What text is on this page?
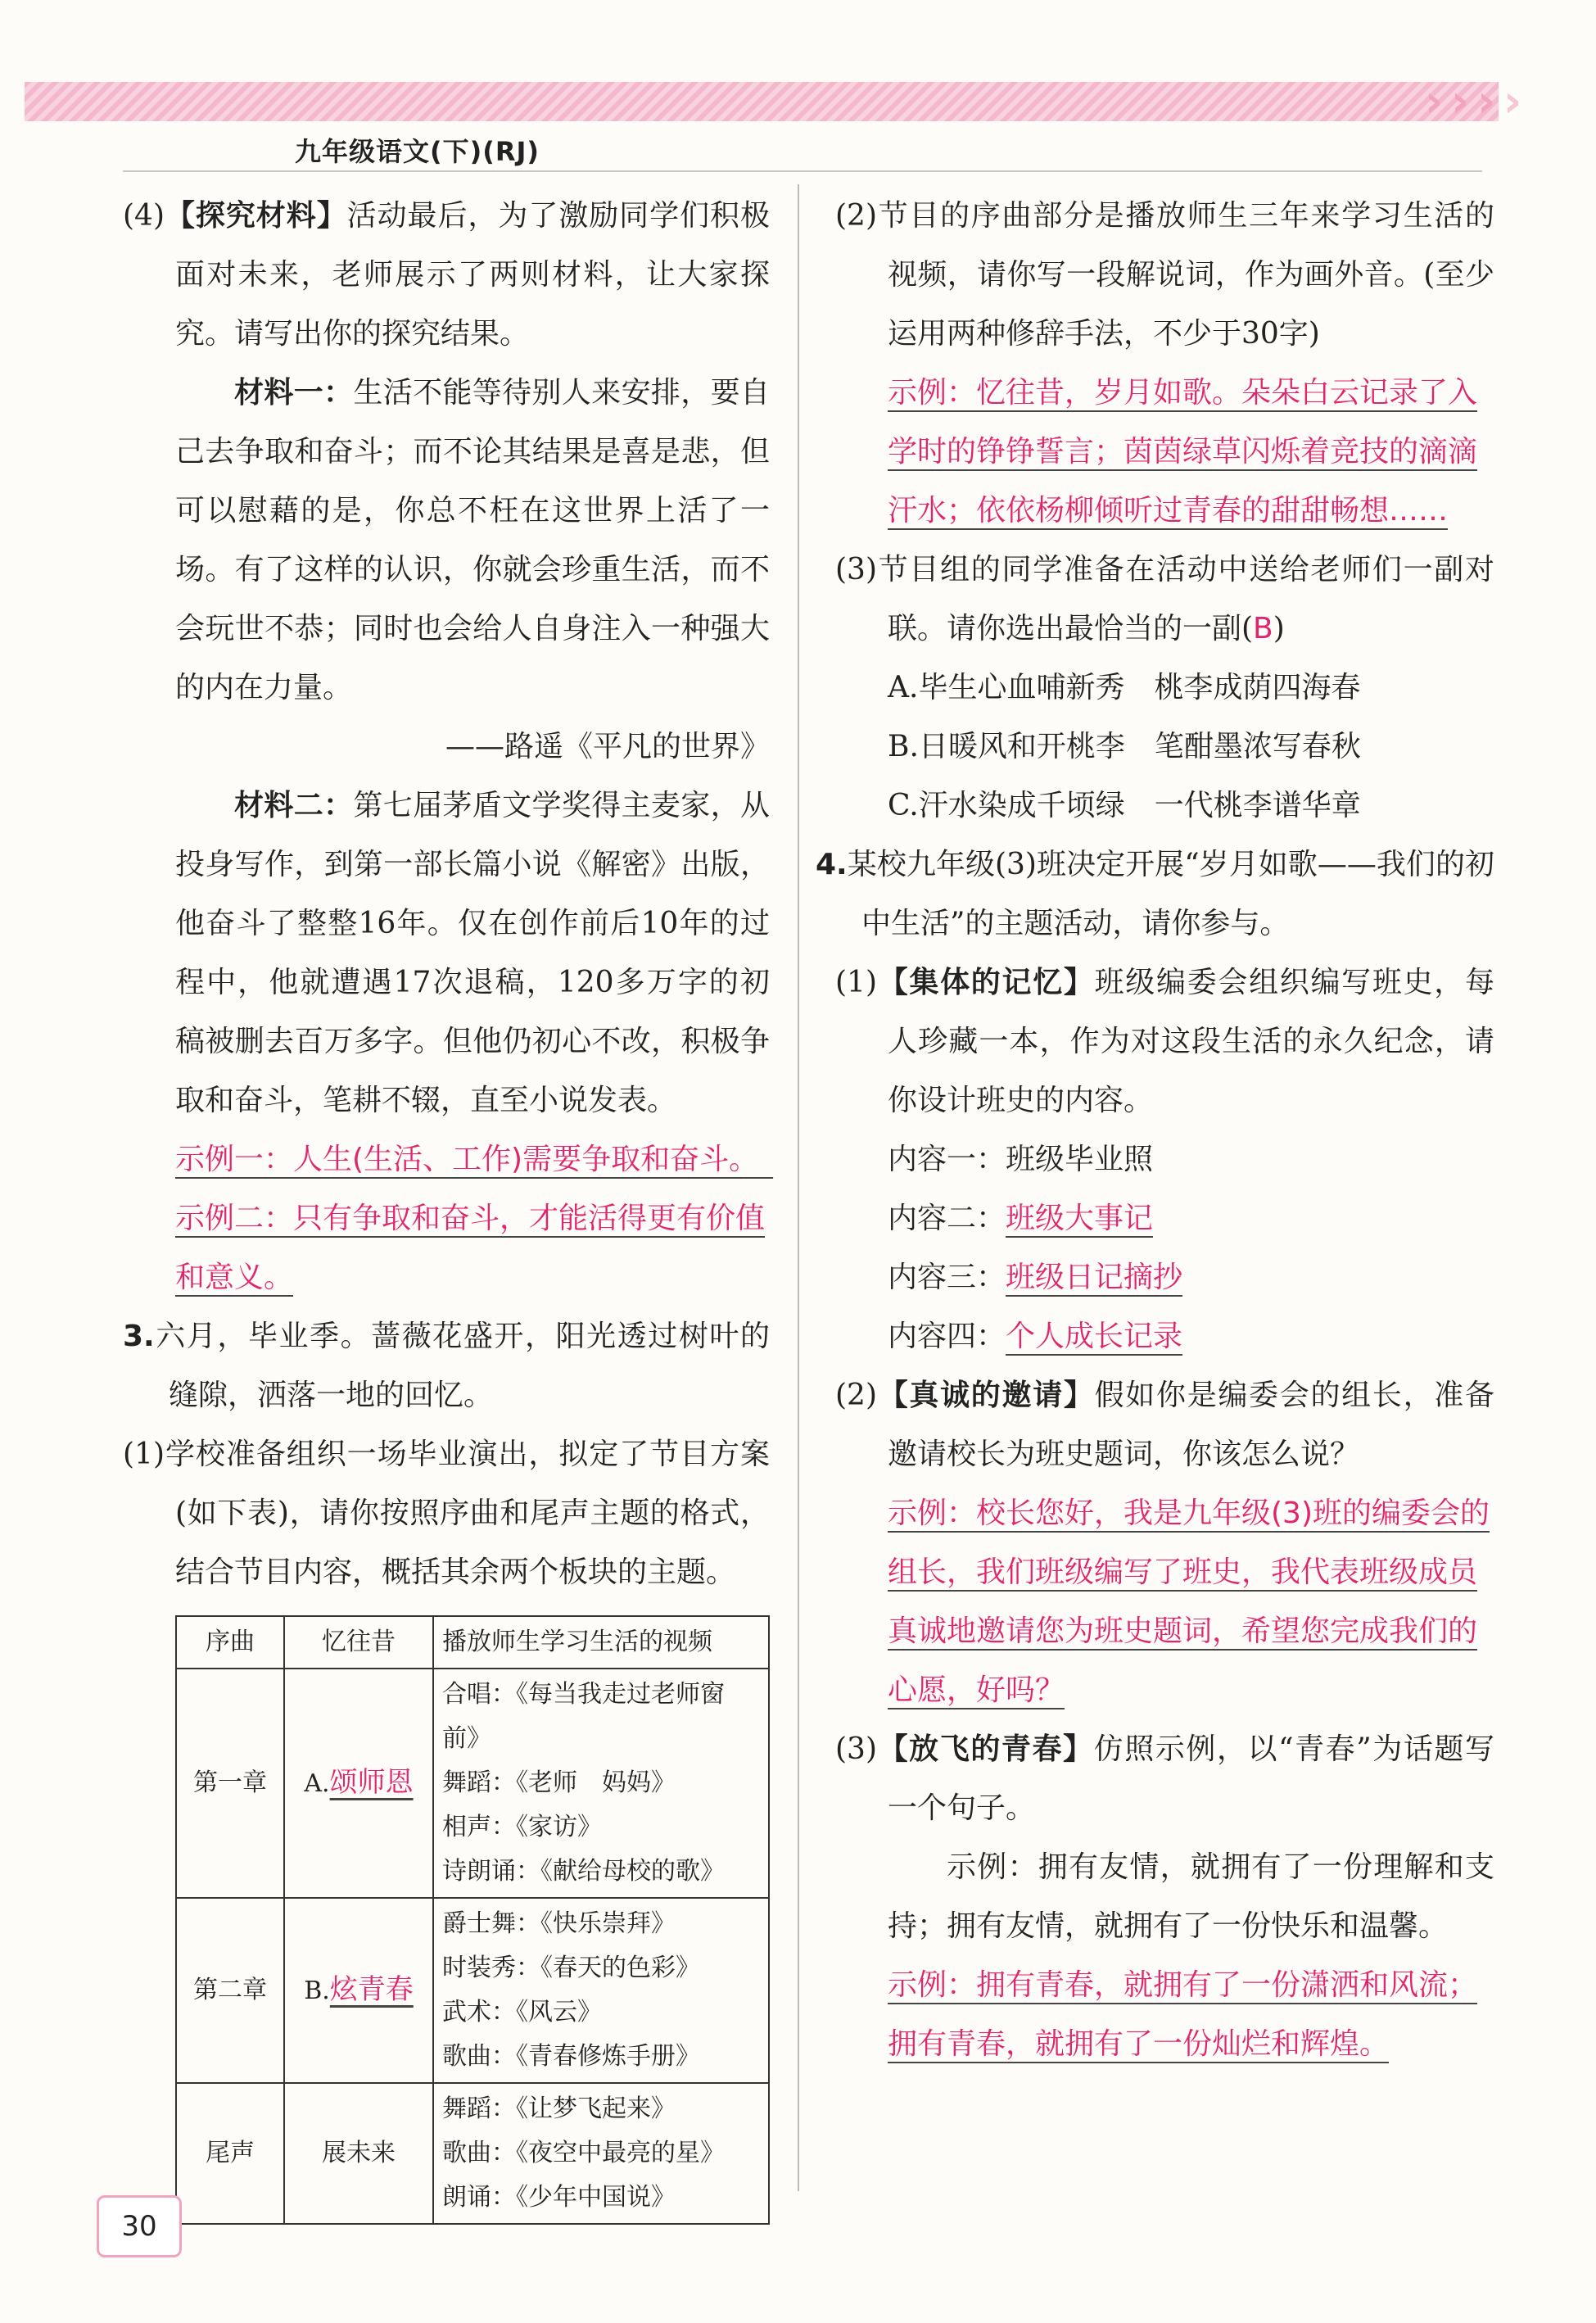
› › › ›
九年级语文(下)(RJ)

(4)【探究材料】活动最后，为了激励同学们积极面对未来，老师展示了两则材料，让大家探究。请写出你的探究结果。

材料一：生活不能等待别人来安排，要自己去争取和奋斗；而不论其结果是喜是悲，但可以慰藉的是，你总不枉在这世界上活了一场。有了这样的认识，你就会珍重生活，而不会玩世不恭；同时也会给人自身注入一种强大的内在力量。

——路遥《平凡的世界》

材料二：第七届茅盾文学奖得主麦家，从投身写作，到第一部长篇小说《解密》出版，他奋斗了整整16年。仅在创作前后10年的过程中，他就遭遇17次退稿，120多万字的初稿被删去百万多字。但他仍初心不改，积极争取和奋斗，笔耕不辍，直至小说发表。

示例一：人生(生活、工作)需要争取和奋斗。　示例二：只有争取和奋斗，才能活得更有价值和意义。

3.六月，毕业季。蔷薇花盛开，阳光透过树叶的缝隙，洒落一地的回忆。

(1)学校准备组织一场毕业演出，拟定了节目方案(如下表)，请你按照序曲和尾声主题的格式，结合节目内容，概括其余两个板块的主题。

序曲	忆往昔	播放师生学习生活的视频
第一章	A.颂师恩	合唱：《每当我走过老师窗前》
舞蹈：《老师　妈妈》
相声：《家访》
诗朗诵：《献给母校的歌》

第二章	B.炫青春	爵士舞：《快乐崇拜》
时装秀：《春天的色彩》
武术：《风云》
歌曲：《青春修炼手册》

尾声	展未来	舞蹈：《让梦飞起来》
歌曲：《夜空中最亮的星》
朗诵：《少年中国说》

(2)节目的序曲部分是播放师生三年来学习生活的视频，请你写一段解说词，作为画外音。(至少运用两种修辞手法，不少于30字)

示例：忆往昔，岁月如歌。朵朵白云记录了入学时的铮铮誓言；茵茵绿草闪烁着竞技的滴滴汗水；依依杨柳倾听过青春的甜甜畅想……

(3)节目组的同学准备在活动中送给老师们一副对联。请你选出最恰当的一副(B)

A.毕生心血哺新秀　桃李成荫四海春

B.日暖风和开桃李　笔酣墨浓写春秋

C.汗水染成千顷绿　一代桃李谱华章

4.某校九年级(3)班决定开展“岁月如歌——我们的初中生活”的主题活动，请你参与。

(1)【集体的记忆】班级编委会组织编写班史，每人珍藏一本，作为对这段生活的永久纪念，请你设计班史的内容。

内容一：班级毕业照

内容二：班级大事记

内容三：班级日记摘抄

内容四：个人成长记录

(2)【真诚的邀请】假如你是编委会的组长，准备邀请校长为班史题词，你该怎么说？

示例：校长您好，我是九年级(3)班的编委会的组长，我们班级编写了班史，我代表班级成员真诚地邀请您为班史题词，希望您完成我们的心愿，好吗？

(3)【放飞的青春】仿照示例，以“青春”为话题写一个句子。

示例：拥有友情，就拥有了一份理解和支持；拥有友情，就拥有了一份快乐和温馨。

示例：拥有青春，就拥有了一份潇洒和风流；拥有青春，就拥有了一份灿烂和辉煌。

30
